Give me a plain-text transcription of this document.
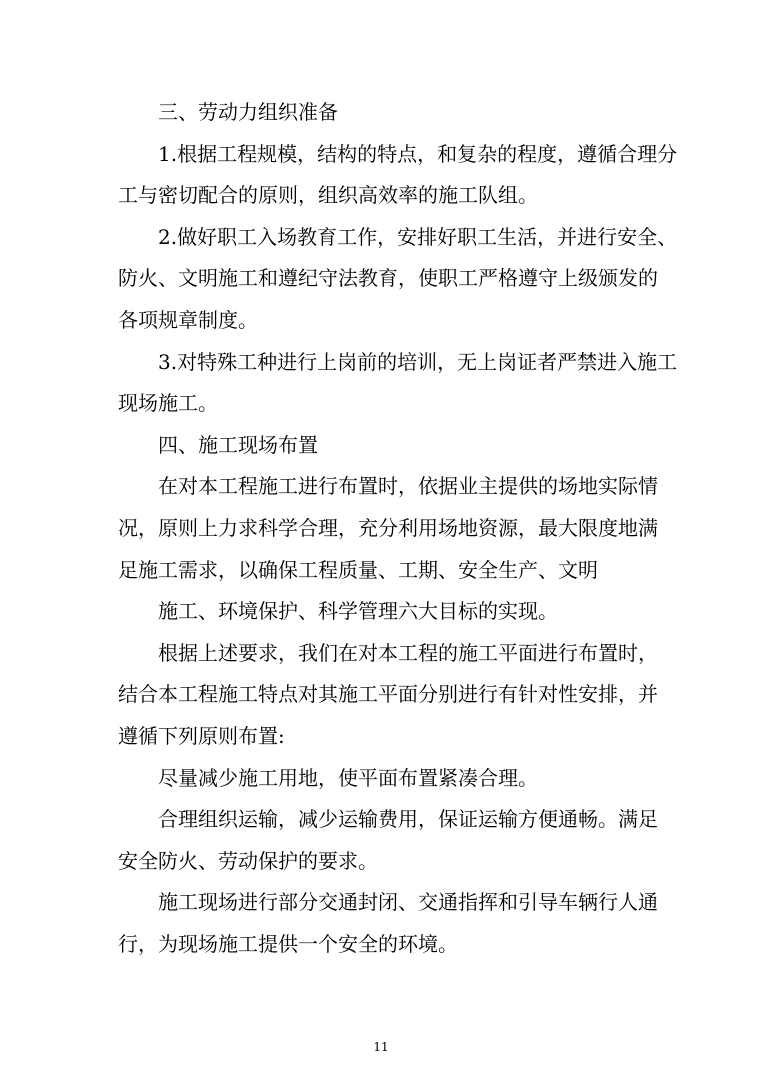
三、劳动力组织准备
1.根据工程规模，结构的特点，和复杂的程度，遵循合理分
工与密切配合的原则，组织高效率的施工队组。
2.做好职工入场教育工作，安排好职工生活，并进行安全、
防火、文明施工和遵纪守法教育，使职工严格遵守上级颁发的
各项规章制度。
3.对特殊工种进行上岗前的培训，无上岗证者严禁进入施工
现场施工。
四、施工现场布置
在对本工程施工进行布置时，依据业主提供的场地实际情
况，原则上力求科学合理，充分利用场地资源，最大限度地满
足施工需求，以确保工程质量、工期、安全生产、文明
施工、环境保护、科学管理六大目标的实现。
根据上述要求，我们在对本工程的施工平面进行布置时，
结合本工程施工特点对其施工平面分别进行有针对性安排，并
遵循下列原则布置:
尽量减少施工用地，使平面布置紧凑合理。
合理组织运输，减少运输费用，保证运输方便通畅。满足
安全防火、劳动保护的要求。
施工现场进行部分交通封闭、交通指挥和引导车辆行人通
行，为现场施工提供一个安全的环境。
11
